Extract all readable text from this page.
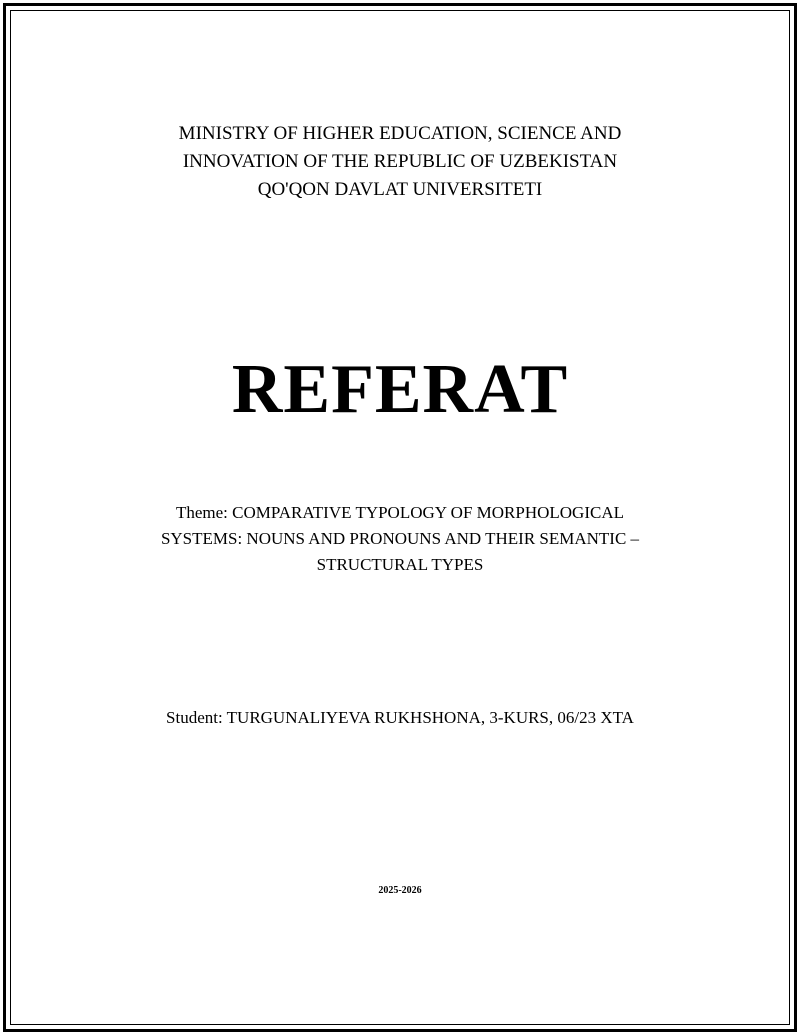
MINISTRY OF HIGHER EDUCATION, SCIENCE AND
INNOVATION OF THE REPUBLIC OF UZBEKISTAN
QO'QON DAVLAT UNIVERSITETI
REFERAT
Theme: COMPARATIVE TYPOLOGY OF MORPHOLOGICAL
SYSTEMS: NOUNS AND PRONOUNS AND THEIR SEMANTIC –
STRUCTURAL TYPES
Student: TURGUNALIYEVA RUKHSHONA, 3-KURS, 06/23 XTA
2025-2026
